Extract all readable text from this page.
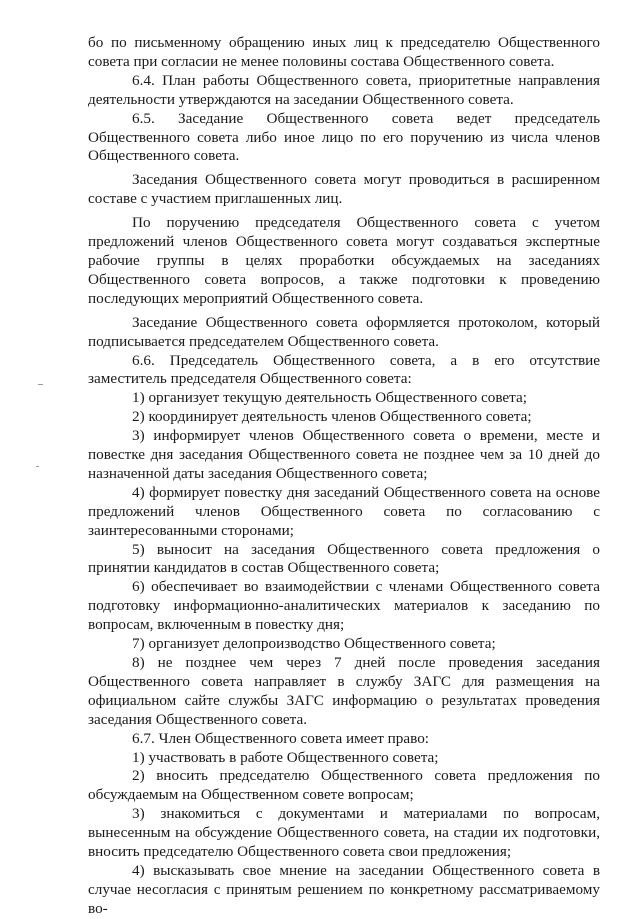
бо по письменному обращению иных лиц к председателю Общественного совета при согласии не менее половины состава Общественного совета.

6.4. План работы Общественного совета, приоритетные направления деятельности утверждаются на заседании Общественного совета.

6.5. Заседание Общественного совета ведет председатель Общественного совета либо иное лицо по его поручению из числа членов Общественного совета.

Заседания Общественного совета могут проводиться в расширенном составе с участием приглашенных лиц.

По поручению председателя Общественного совета с учетом предложений членов Общественного совета могут создаваться экспертные рабочие группы в целях проработки обсуждаемых на заседаниях Общественного совета вопросов, а также подготовки к проведению последующих мероприятий Общественного совета.

Заседание Общественного совета оформляется протоколом, который подписывается председателем Общественного совета.

6.6. Председатель Общественного совета, а в его отсутствие заместитель председателя Общественного совета:

1) организует текущую деятельность Общественного совета;

2) координирует деятельность членов Общественного совета;

3) информирует членов Общественного совета о времени, месте и повестке дня заседания Общественного совета не позднее чем за 10 дней до назначенной даты заседания Общественного совета;

4) формирует повестку дня заседаний Общественного совета на основе предложений членов Общественного совета по согласованию с заинтересованными сторонами;

5) выносит на заседания Общественного совета предложения о принятии кандидатов в состав Общественного совета;

6) обеспечивает во взаимодействии с членами Общественного совета подготовку информационно-аналитических материалов к заседанию по вопросам, включенным в повестку дня;

7) организует делопроизводство Общественного совета;

8) не позднее чем через 7 дней после проведения заседания Общественного совета направляет в службу ЗАГС для размещения на официальном сайте службы ЗАГС информацию о результатах проведения заседания Общественного совета.

6.7. Член Общественного совета имеет право:

1) участвовать в работе Общественного совета;

2) вносить председателю Общественного совета предложения по обсуждаемым на Общественном совете вопросам;

3) знакомиться с документами и материалами по вопросам, вынесенным на обсуждение Общественного совета, на стадии их подготовки, вносить председателю Общественного совета свои предложения;

4) высказывать свое мнение на заседании Общественного совета в случае несогласия с принятым решением по конкретному рассматриваемому во-
